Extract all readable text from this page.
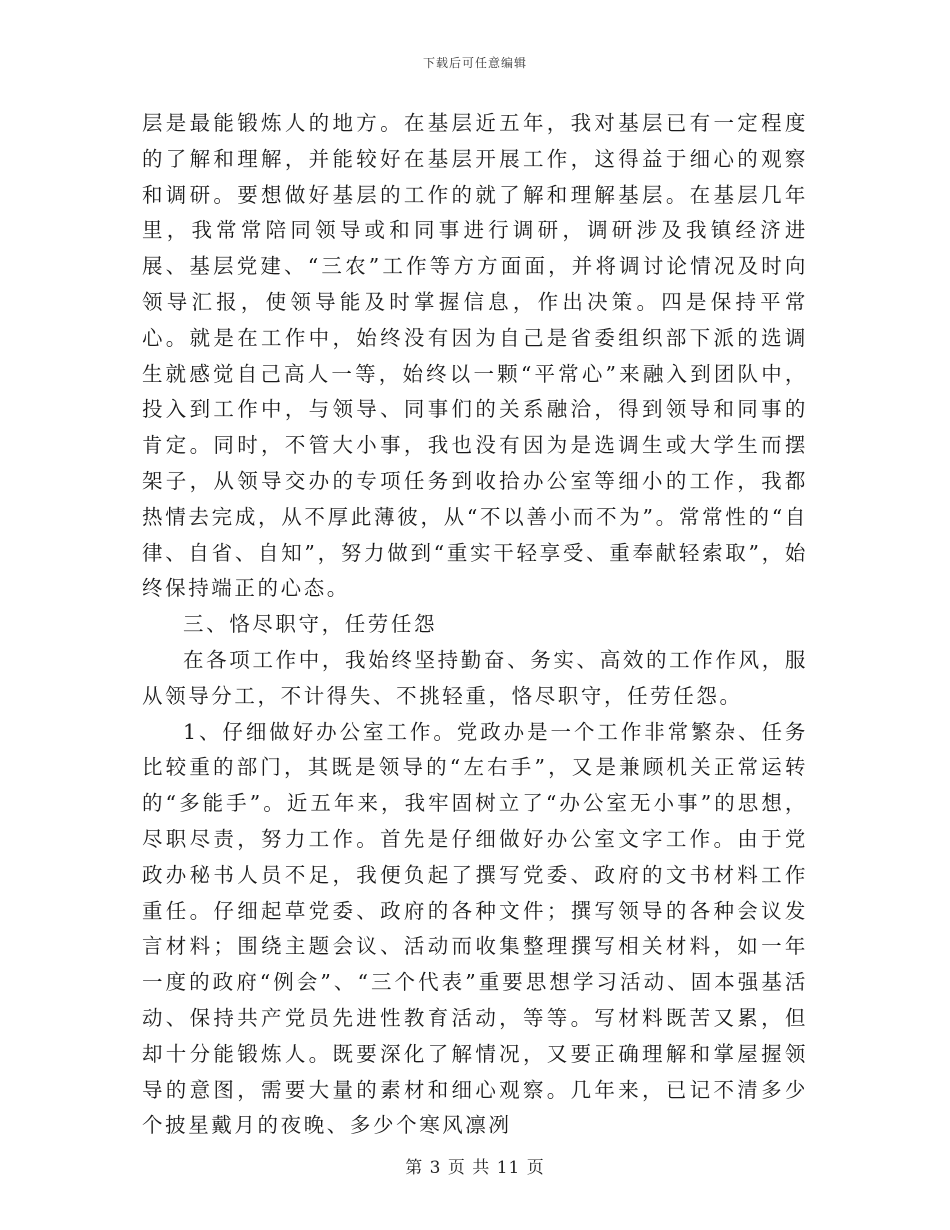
下载后可任意编辑

层是最能锻炼人的地方。在基层近五年，我对基层已有一定程度的了解和理解，并能较好在基层开展工作，这得益于细心的观察和调研。要想做好基层的工作的就了解和理解基层。在基层几年里，我常常陪同领导或和同事进行调研，调研涉及我镇经济进展、基层党建、“三农”工作等方方面面，并将调讨论情况及时向领导汇报，使领导能及时掌握信息，作出决策。四是保持平常心。就是在工作中，始终没有因为自己是省委组织部下派的选调生就感觉自己高人一等，始终以一颗“平常心”来融入到团队中，投入到工作中，与领导、同事们的关系融洽，得到领导和同事的肯定。同时，不管大小事，我也没有因为是选调生或大学生而摆架子，从领导交办的专项任务到收拾办公室等细小的工作，我都热情去完成，从不厚此薄彼，从“不以善小而不为”。常常性的“自律、自省、自知”，努力做到“重实干轻享受、重奉献轻索取”，始终保持端正的心态。

三、恪尽职守，任劳任怨

在各项工作中，我始终坚持勤奋、务实、高效的工作作风，服从领导分工，不计得失、不挑轻重，恪尽职守，任劳任怨。

1、仔细做好办公室工作。党政办是一个工作非常繁杂、任务比较重的部门，其既是领导的“左右手”，又是兼顾机关正常运转的“多能手”。近五年来，我牢固树立了“办公室无小事”的思想，尽职尽责，努力工作。首先是仔细做好办公室文字工作。由于党政办秘书人员不足，我便负起了撰写党委、政府的文书材料工作重任。仔细起草党委、政府的各种文件；撰写领导的各种会议发言材料；围绕主题会议、活动而收集整理撰写相关材料，如一年一度的政府“例会”、“三个代表”重要思想学习活动、固本强基活动、保持共产党员先进性教育活动，等等。写材料既苦又累，但却十分能锻炼人。既要深化了解情况，又要正确理解和掌屋握领导的意图，需要大量的素材和细心观察。几年来，已记不清多少个披星戴月的夜晚、多少个寒风凛冽

第 3 页 共 11 页
